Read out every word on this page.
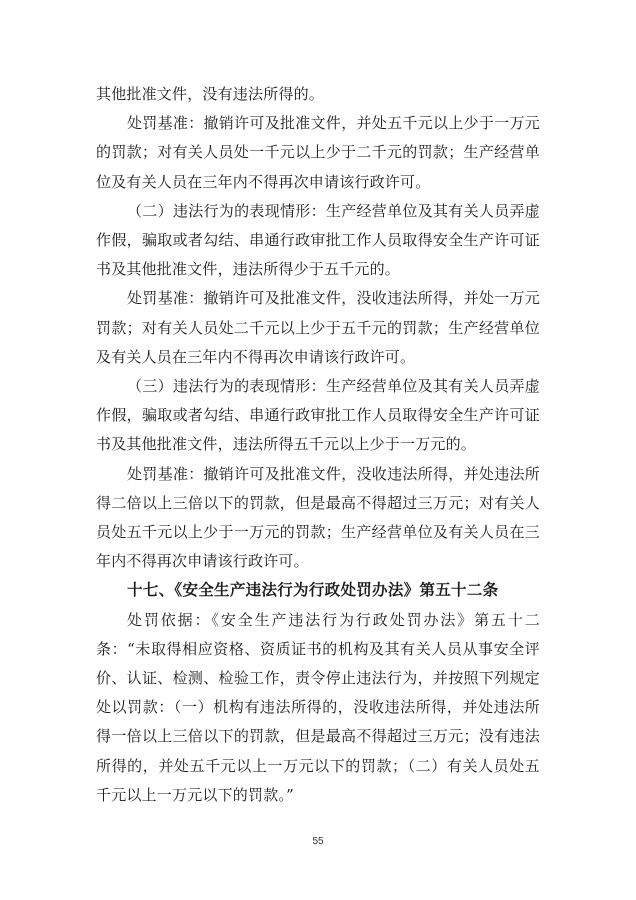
其他批准文件，没有违法所得的。

处罚基准：撤销许可及批准文件，并处五千元以上少于一万元的罚款；对有关人员处一千元以上少于二千元的罚款；生产经营单位及有关人员在三年内不得再次申请该行政许可。

（二）违法行为的表现情形：生产经营单位及其有关人员弄虚作假，骗取或者勾结、串通行政审批工作人员取得安全生产许可证书及其他批准文件，违法所得少于五千元的。

处罚基准：撤销许可及批准文件，没收违法所得，并处一万元罚款；对有关人员处二千元以上少于五千元的罚款；生产经营单位及有关人员在三年内不得再次申请该行政许可。

（三）违法行为的表现情形：生产经营单位及其有关人员弄虚作假，骗取或者勾结、串通行政审批工作人员取得安全生产许可证书及其他批准文件，违法所得五千元以上少于一万元的。

处罚基准：撤销许可及批准文件，没收违法所得，并处违法所得二倍以上三倍以下的罚款，但是最高不得超过三万元；对有关人员处五千元以上少于一万元的罚款；生产经营单位及有关人员在三年内不得再次申请该行政许可。

十七、《安全生产违法行为行政处罚办法》第五十二条

处罚依据：《安全生产违法行为行政处罚办法》第五十二条：“未取得相应资格、资质证书的机构及其有关人员从事安全评价、认证、检测、检验工作，责令停止违法行为，并按照下列规定处以罚款：（一）机构有违法所得的，没收违法所得，并处违法所得一倍以上三倍以下的罚款，但是最高不得超过三万元；没有违法所得的，并处五千元以上一万元以下的罚款；（二）有关人员处五千元以上一万元以下的罚款。”

55
